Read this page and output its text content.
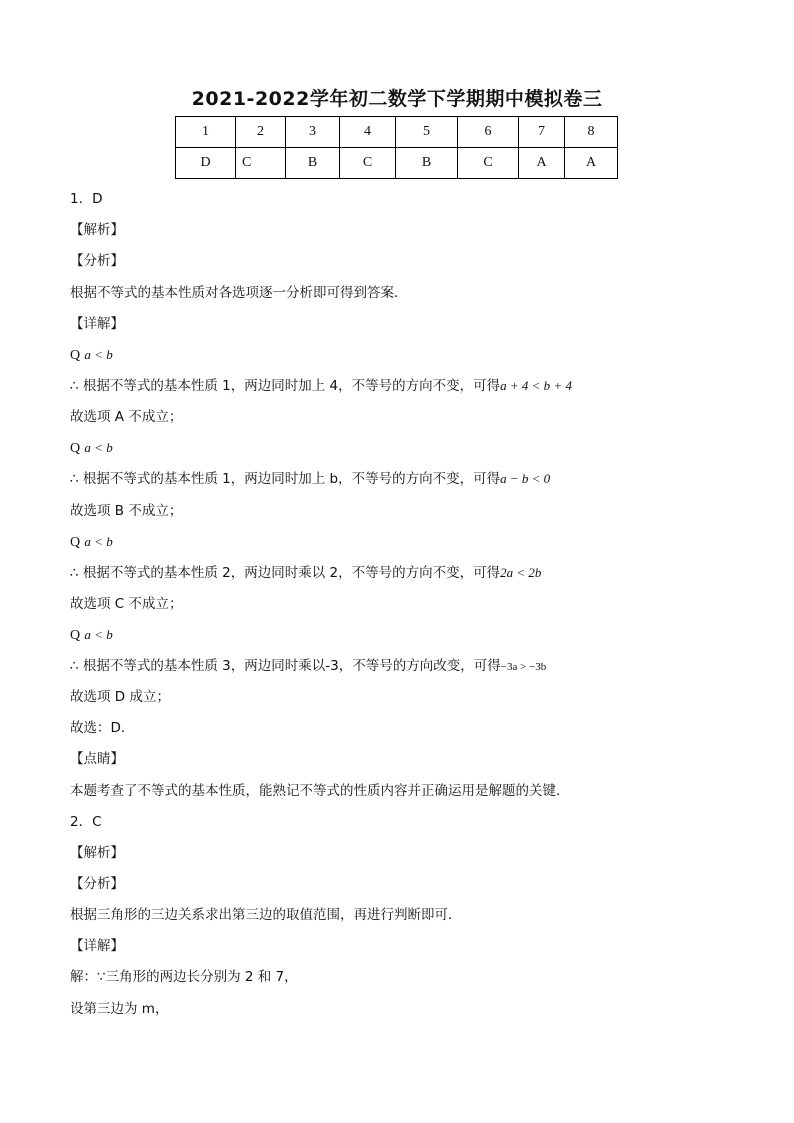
2021-2022学年初二数学下学期期中模拟卷三
1	2	3	4	5	6	7	8
D	C	B	C	B	C	A	A
1．D
【解析】
【分析】
根据不等式的基本性质对各选项逐一分析即可得到答案．
【详解】
Q a < b
∴ 根据不等式的基本性质 1，两边同时加上 4，不等号的方向不变，可得a + 4 < b + 4
故选项 A 不成立；
Q a < b
∴ 根据不等式的基本性质 1，两边同时加上 b，不等号的方向不变，可得a − b < 0
故选项 B 不成立；
Q a < b
∴ 根据不等式的基本性质 2，两边同时乘以 2，不等号的方向不变，可得2a < 2b
故选项 C 不成立；
Q a < b
∴ 根据不等式的基本性质 3，两边同时乘以-3，不等号的方向改变，可得−3a > −3b
故选项 D 成立；
故选：D．
【点睛】
本题考查了不等式的基本性质，能熟记不等式的性质内容并正确运用是解题的关键．
2．C
【解析】
【分析】
根据三角形的三边关系求出第三边的取值范围，再进行判断即可．
【详解】
解：∵三角形的两边长分别为 2 和 7，
设第三边为 m，
